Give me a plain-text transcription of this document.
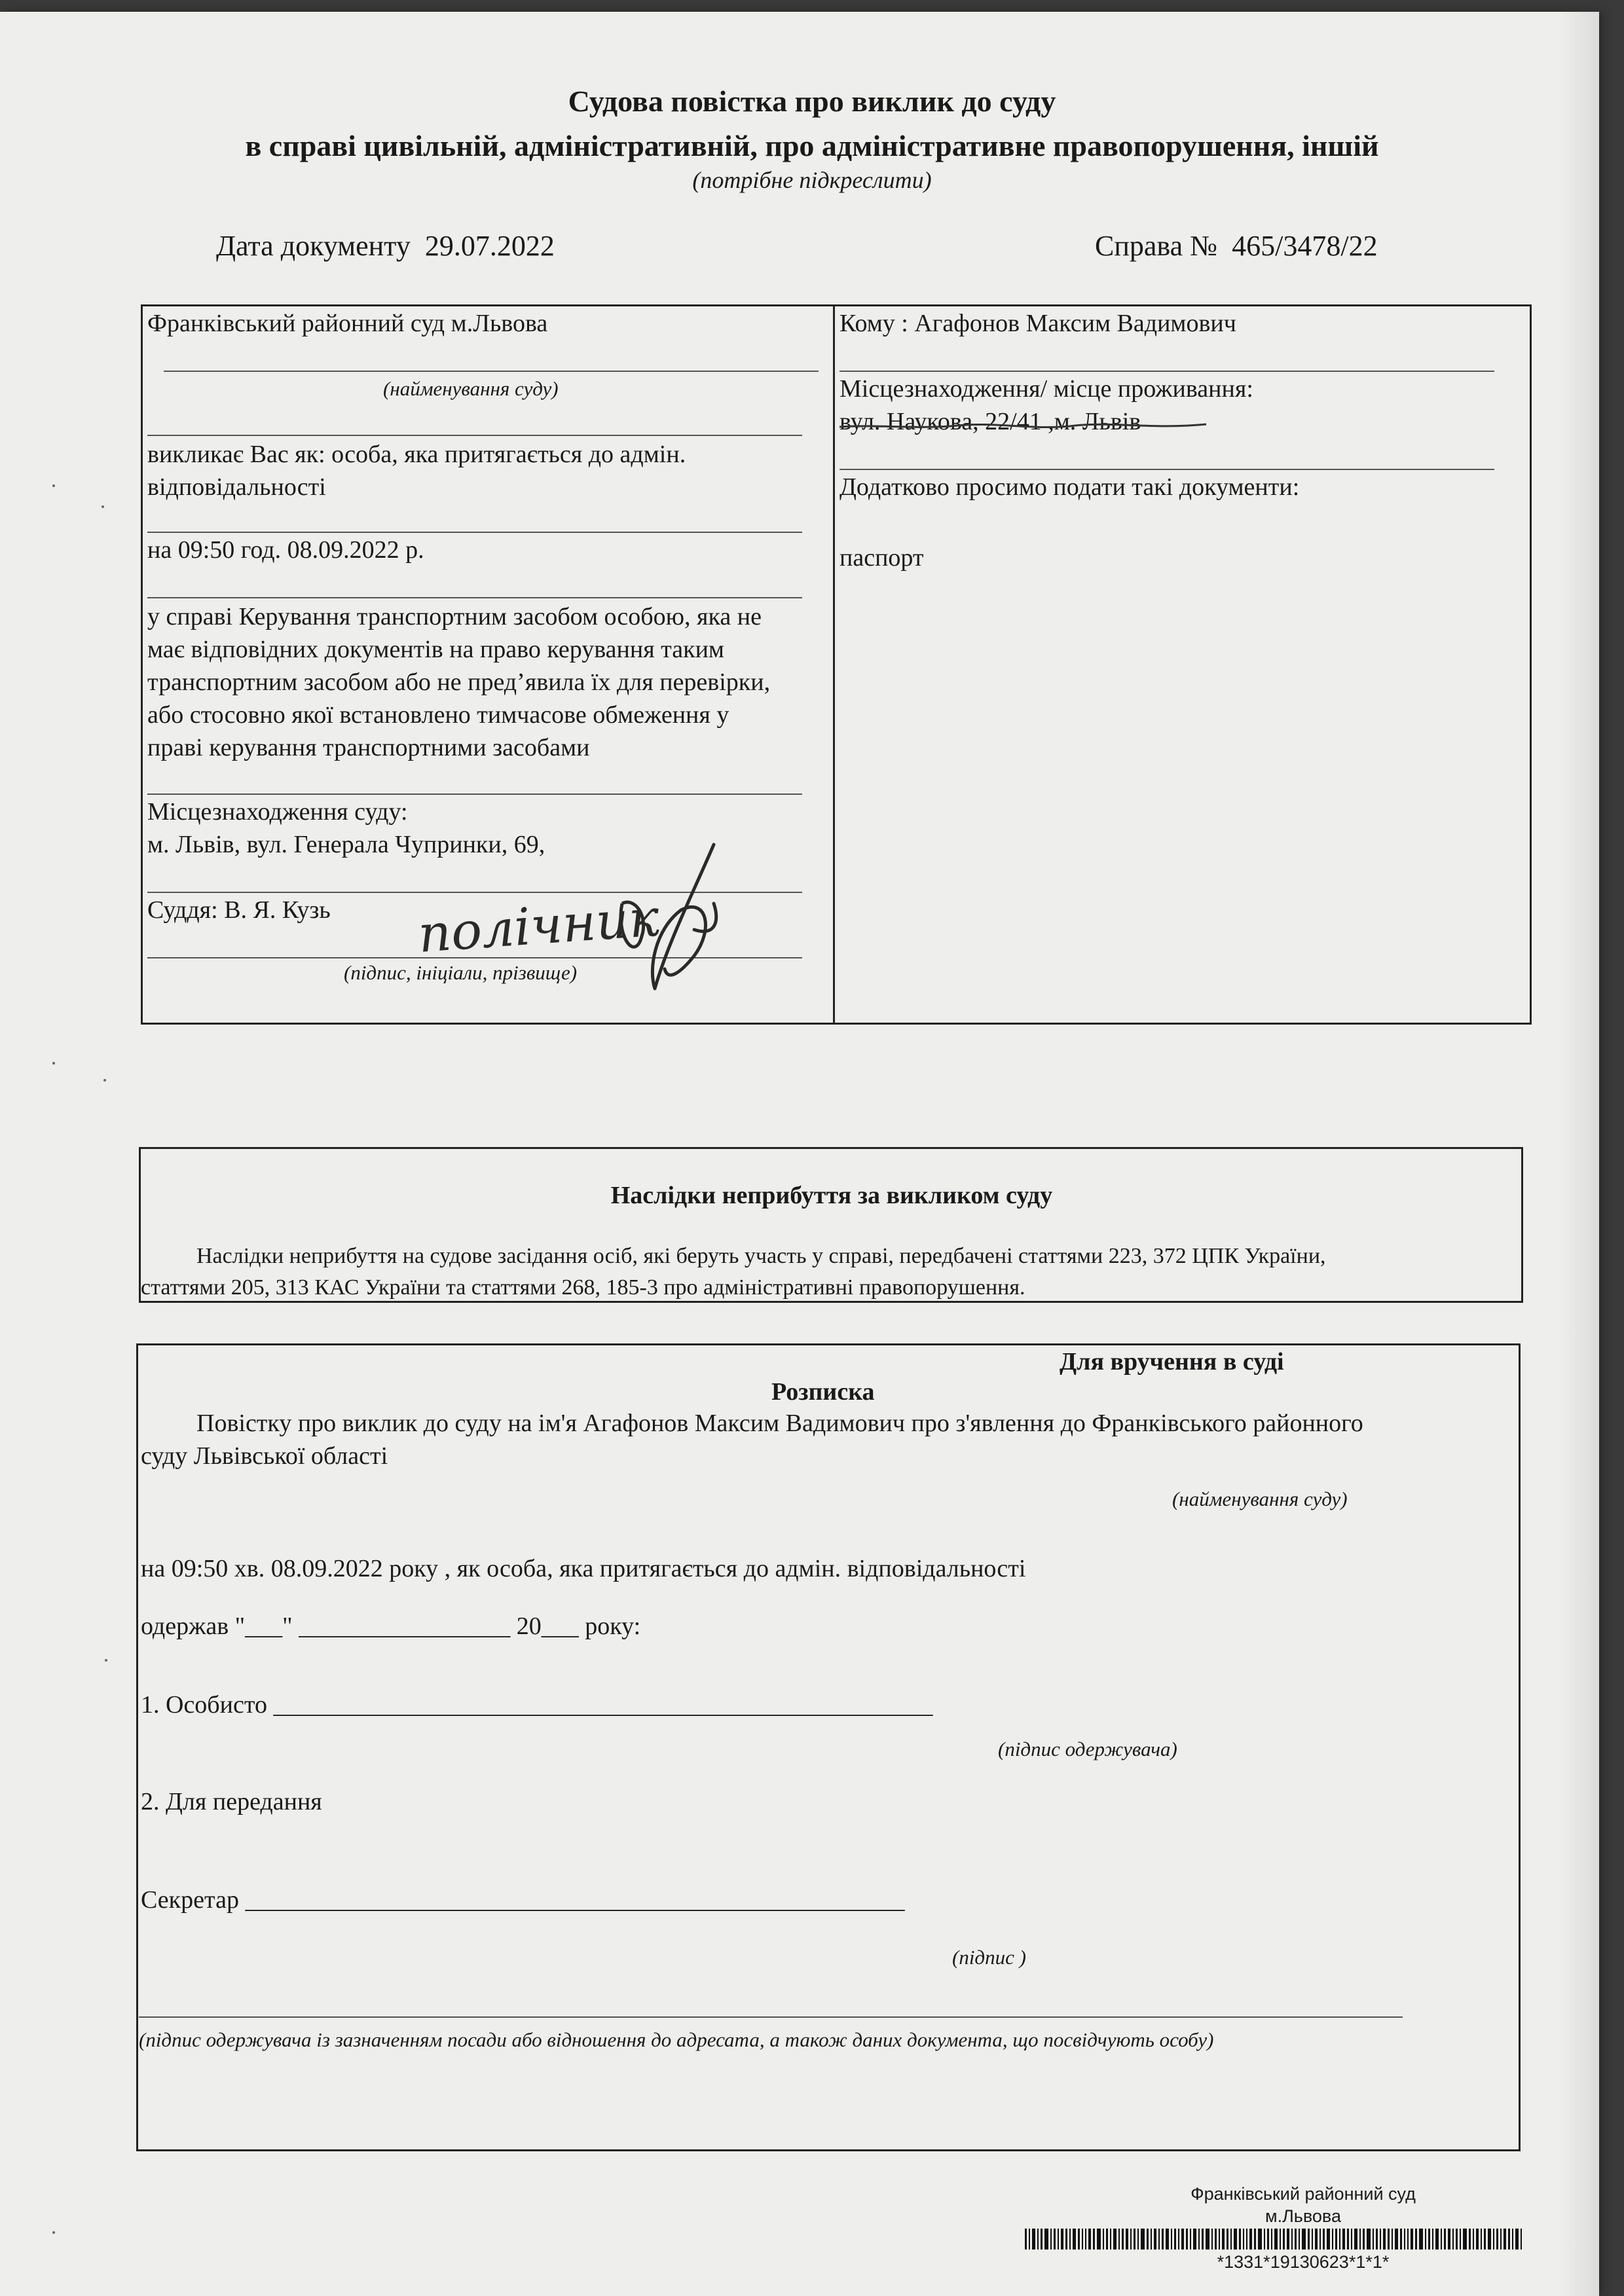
Судова повістка про виклик до суду
в справі цивільній, адміністративній, про адміністративне правопорушення, іншій
(потрібне підкреслити)
Дата документу 29.07.2022	Справа № 465/3478/22
Франківський районний суд м.Львова
(найменування суду)
викликає Вас як: особа, яка притягається до адмін.
відповідальності
на 09:50 год. 08.09.2022 р.
у справі Керування транспортним засобом особою, яка не
має відповідних документів на право керування таким
транспортним засобом або не пред’явила їх для перевірки,
або стосовно якої встановлено тимчасове обмеження у
праві керування транспортними засобами
Місцезнаходження суду:
м. Львів, вул. Генерала Чупринки, 69,
Суддя: В. Я. Кузь
(підпис, ініціали, прізвище)
полічник
Кому : Агафонов Максим Вадимович
Місцезнаходження/ місце проживання:
вул. Наукова, 22/41 ,м. Львів
Додатково просимо подати такі документи:
паспорт
Наслідки неприбуття за викликом суду
Наслідки неприбуття на судове засідання осіб, які беруть участь у справі, передбачені статтями 223, 372 ЦПК України,
статтями 205, 313 КАС України та статтями 268, 185-3 про адміністративні правопорушення.
Для вручення в суді
Розписка
Повістку про виклик до суду на ім'я Агафонов Максим Вадимович про з'явлення до Франківського районного
суду Львівської області
(найменування суду)
на 09:50 хв. 08.09.2022 року , як особа, яка притягається до адмін. відповідальності
одержав "___" _________________ 20___ року:
1. Особисто _____________________________________________________
(підпис одержувача)
2. Для передання
Секретар _____________________________________________________
(підпис )
(підпис одержувача із зазначенням посади або відношення до адресата, а також даних документа, що посвідчують особу)
Франківський районний суд
м.Львова
*1331*19130623*1*1*
